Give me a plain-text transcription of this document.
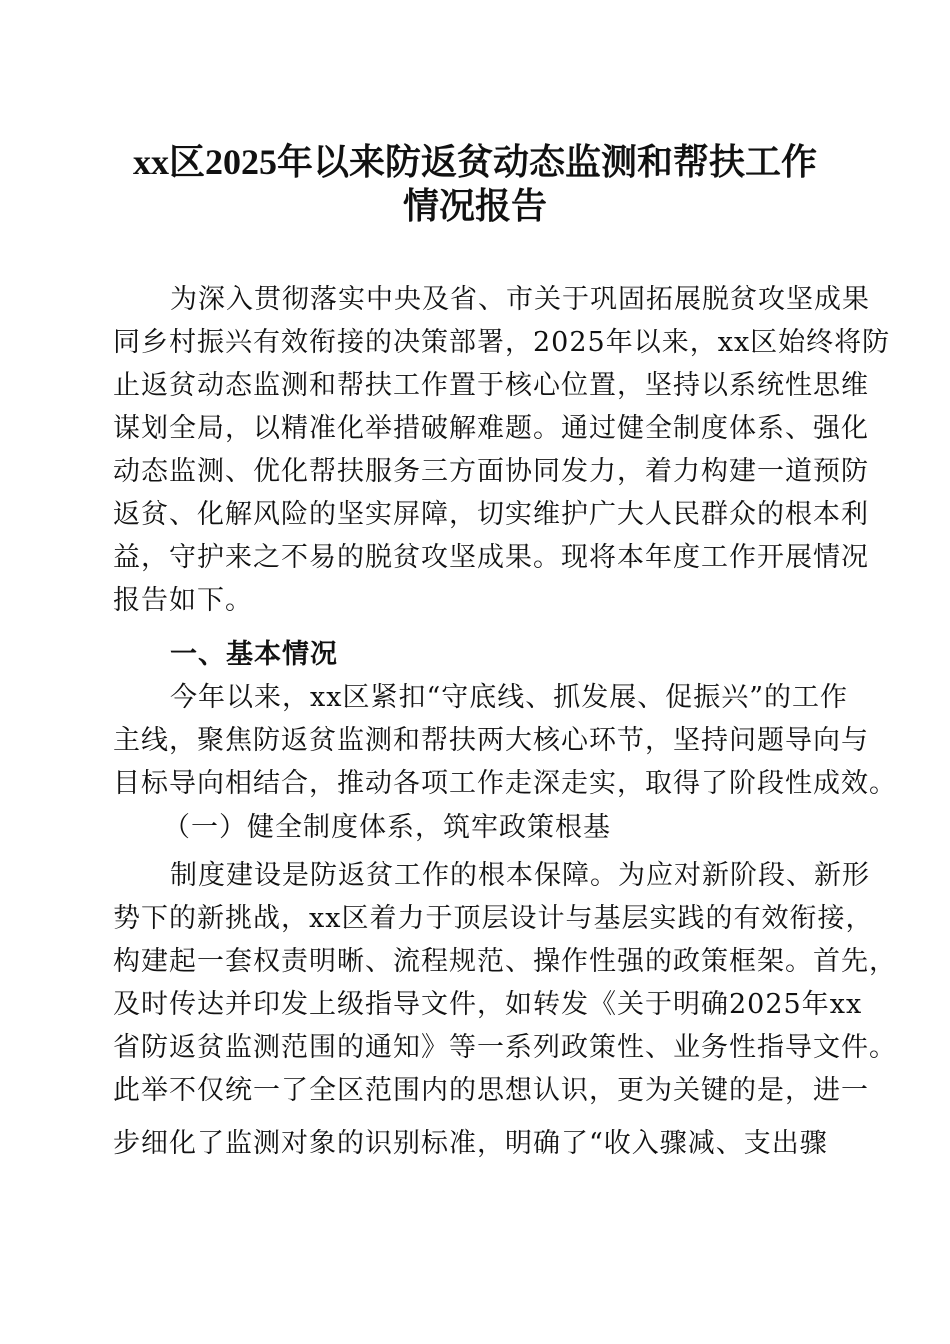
xx区2025年以来防返贫动态监测和帮扶工作
情况报告
为深入贯彻落实中央及省、市关于巩固拓展脱贫攻坚成果
同乡村振兴有效衔接的决策部署，2025年以来，xx区始终将防
止返贫动态监测和帮扶工作置于核心位置，坚持以系统性思维
谋划全局，以精准化举措破解难题。通过健全制度体系、强化
动态监测、优化帮扶服务三方面协同发力，着力构建一道预防
返贫、化解风险的坚实屏障，切实维护广大人民群众的根本利
益，守护来之不易的脱贫攻坚成果。现将本年度工作开展情况
报告如下。
一、基本情况
今年以来，xx区紧扣“守底线、抓发展、促振兴”的工作
主线，聚焦防返贫监测和帮扶两大核心环节，坚持问题导向与
目标导向相结合，推动各项工作走深走实，取得了阶段性成效。
（一）健全制度体系，筑牢政策根基
制度建设是防返贫工作的根本保障。为应对新阶段、新形
势下的新挑战，xx区着力于顶层设计与基层实践的有效衔接，
构建起一套权责明晰、流程规范、操作性强的政策框架。首先，
及时传达并印发上级指导文件，如转发《关于明确2025年xx
省防返贫监测范围的通知》等一系列政策性、业务性指导文件。
此举不仅统一了全区范围内的思想认识，更为关键的是，进一
步细化了监测对象的识别标准，明确了“收入骤减、支出骤
